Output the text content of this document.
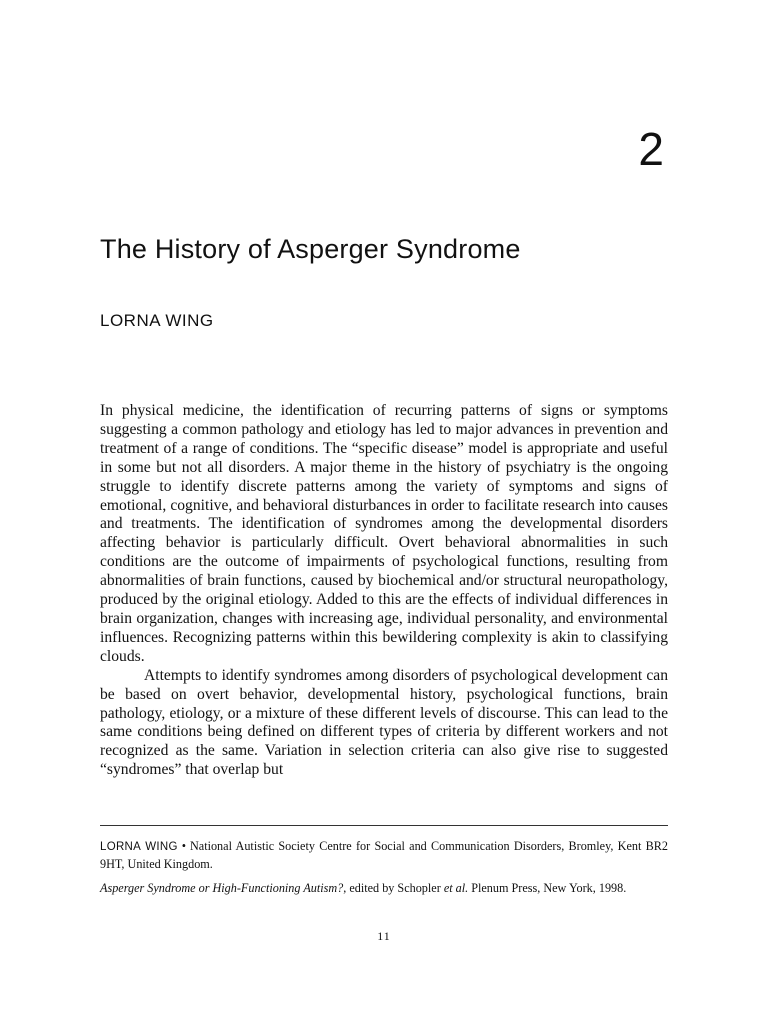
2
The History of Asperger Syndrome
LORNA WING

In physical medicine, the identification of recurring patterns of signs or symptoms suggesting a common pathology and etiology has led to major advances in prevention and treatment of a range of conditions. The “specific disease” model is appropriate and useful in some but not all disorders. A major theme in the history of psychiatry is the ongoing struggle to identify discrete patterns among the variety of symptoms and signs of emotional, cognitive, and behavioral disturbances in order to facilitate research into causes and treatments. The identification of syndromes among the developmental disorders affecting behavior is particularly difficult. Overt behavioral abnormalities in such conditions are the outcome of impairments of psychological functions, resulting from abnormalities of brain functions, caused by biochemical and/or structural neuropathology, produced by the original etiology. Added to this are the effects of individual differences in brain organization, changes with increasing age, individual personality, and environmental influences. Recognizing patterns within this bewildering complexity is akin to classifying clouds.

Attempts to identify syndromes among disorders of psychological development can be based on overt behavior, developmental history, psychological functions, brain pathology, etiology, or a mixture of these different levels of discourse. This can lead to the same conditions being defined on different types of criteria by different workers and not recognized as the same. Variation in selection criteria can also give rise to suggested “syndromes” that overlap but

LORNA WING • National Autistic Society Centre for Social and Communication Disorders, Bromley, Kent BR2 9HT, United Kingdom.
Asperger Syndrome or High-Functioning Autism?, edited by Schopler et al. Plenum Press, New York, 1998.
11
